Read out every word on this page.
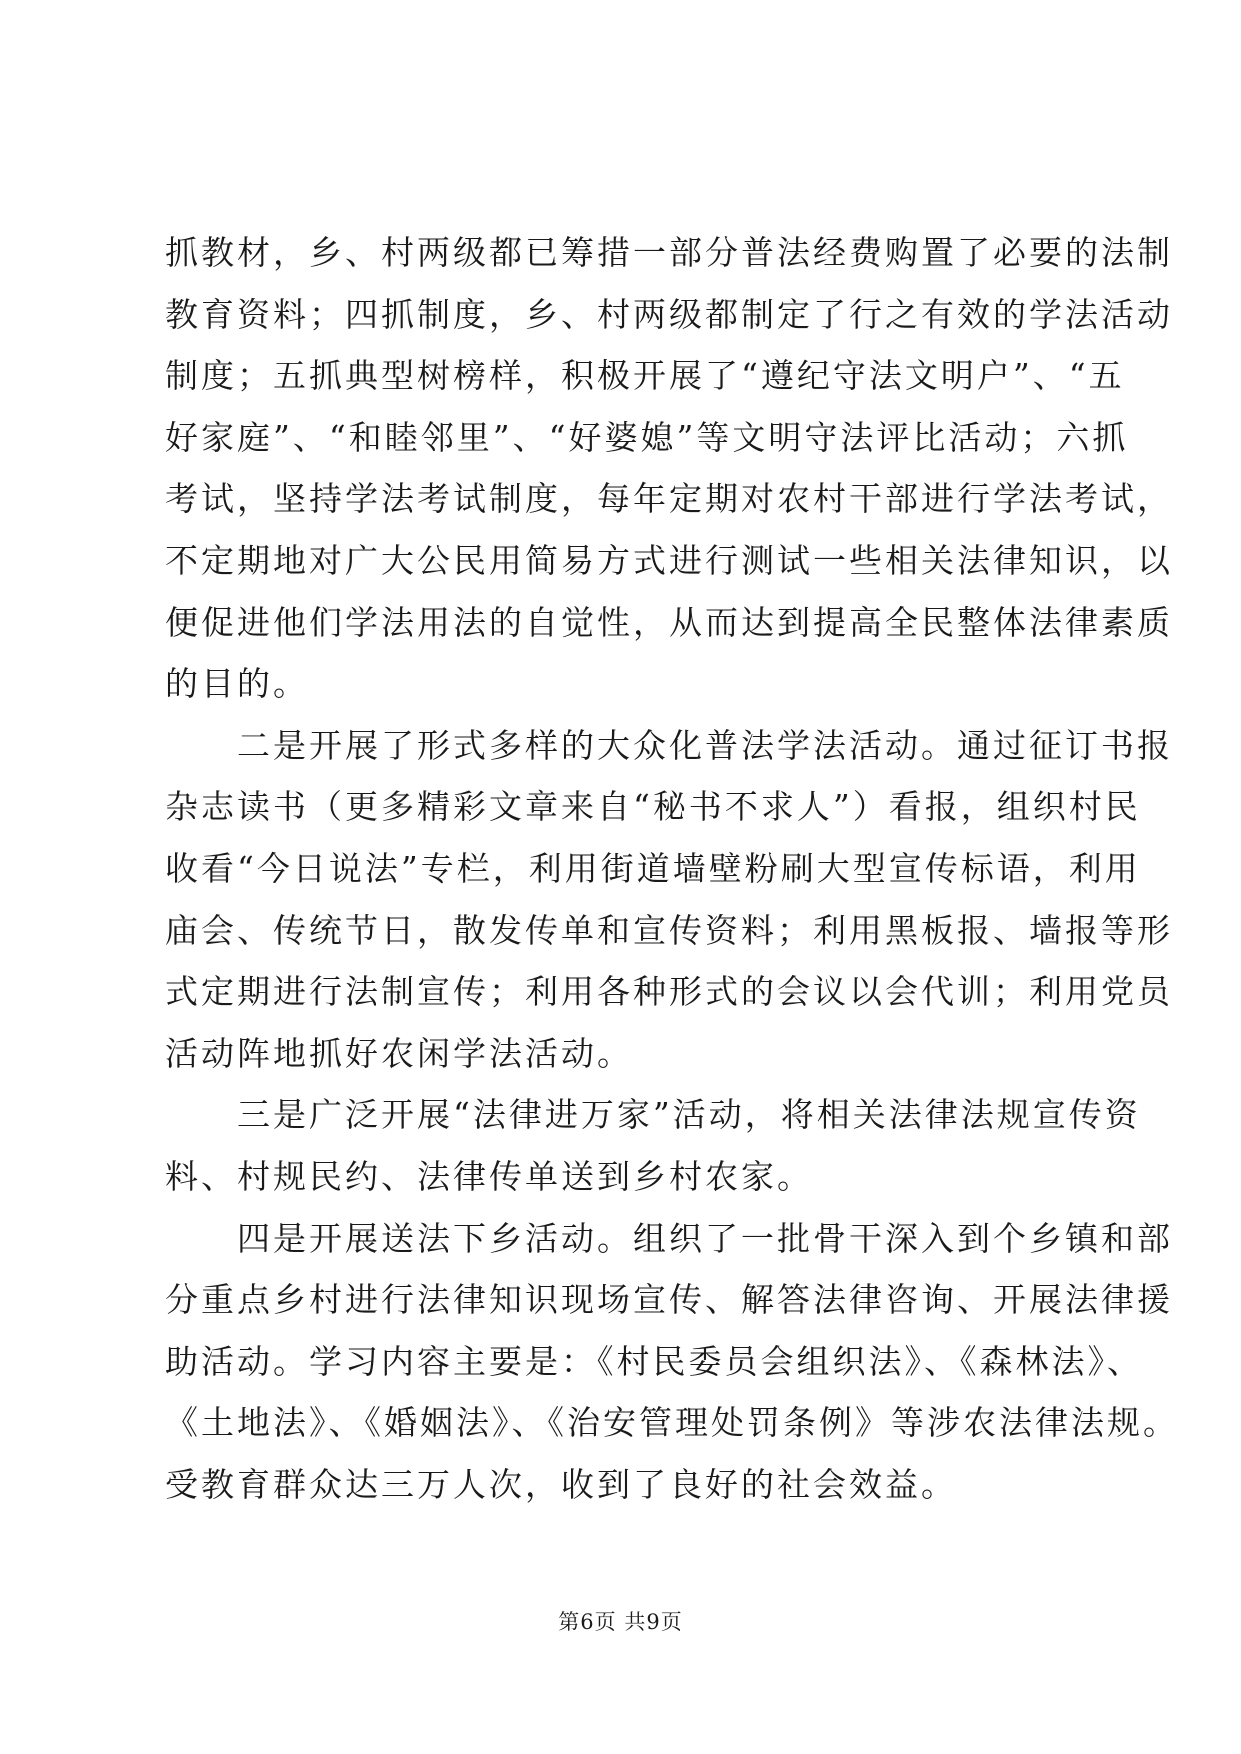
抓教材，乡、村两级都已筹措一部分普法经费购置了必要的法制
教育资料；四抓制度，乡、村两级都制定了行之有效的学法活动
制度；五抓典型树榜样，积极开展了“遵纪守法文明户”、“五
好家庭”、“和睦邻里”、“好婆媳”等文明守法评比活动；六抓
考试，坚持学法考试制度，每年定期对农村干部进行学法考试，
不定期地对广大公民用简易方式进行测试一些相关法律知识，以
便促进他们学法用法的自觉性，从而达到提高全民整体法律素质
的目的。

二是开展了形式多样的大众化普法学法活动。通过征订书报
杂志读书（更多精彩文章来自“秘书不求人”）看报，组织村民
收看“今日说法”专栏，利用街道墙壁粉刷大型宣传标语，利用
庙会、传统节日，散发传单和宣传资料；利用黑板报、墙报等形
式定期进行法制宣传；利用各种形式的会议以会代训；利用党员
活动阵地抓好农闲学法活动。

三是广泛开展“法律进万家”活动，将相关法律法规宣传资
料、村规民约、法律传单送到乡村农家。

四是开展送法下乡活动。组织了一批骨干深入到个乡镇和部
分重点乡村进行法律知识现场宣传、解答法律咨询、开展法律援
助活动。学习内容主要是：《村民委员会组织法》、《森林法》、
《土地法》、《婚姻法》、《治安管理处罚条例》等涉农法律法规。
受教育群众达三万人次，收到了良好的社会效益。

第6页 共9页
